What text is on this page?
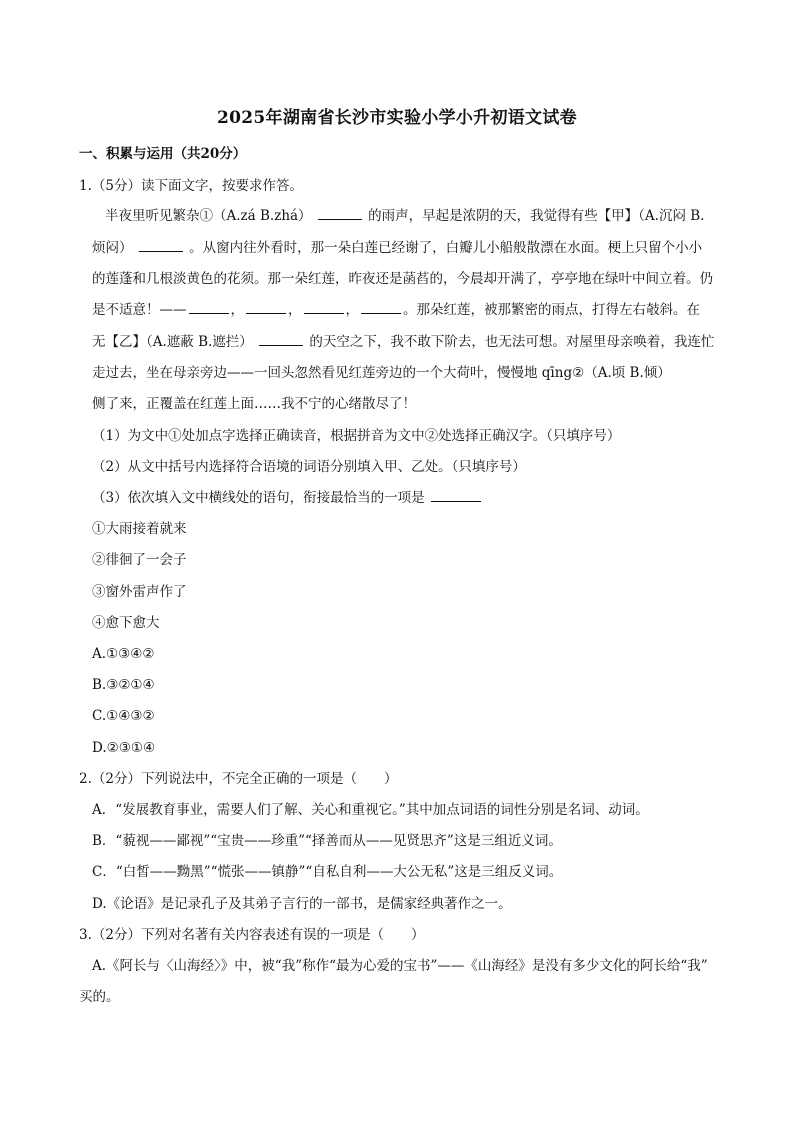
2025年湖南省长沙市实验小学小升初语文试卷
一、积累与运用（共20分）
1.（5分）读下面文字，按要求作答。
半夜里听见繁杂①（A.zá B.zhá）	的雨声，早起是浓阴的天，我觉得有些【甲】（A.沉闷 B.
烦闷）	。从窗内往外看时，那一朵白莲已经谢了，白瓣儿小船般散漂在水面。梗上只留个小小
的莲蓬和几根淡黄色的花须。那一朵红莲，昨夜还是菡萏的，今晨却开满了，亭亭地在绿叶中间立着。仍
是不适意！——	，	，	，	。那朵红莲，被那繁密的雨点，打得左右攲斜。在
无【乙】（A.遮蔽 B.遮拦）	的天空之下，我不敢下阶去，也无法可想。对屋里母亲唤着，我连忙
走过去，坐在母亲旁边——一回头忽然看见红莲旁边的一个大荷叶，慢慢地 qīng②（A.顷 B.倾）
侧了来，正覆盖在红莲上面……我不宁的心绪散尽了！
（1）为文中①处加点字选择正确读音，根据拼音为文中②处选择正确汉字。（只填序号）
（2）从文中括号内选择符合语境的词语分别填入甲、乙处。（只填序号）
（3）依次填入文中横线处的语句，衔接最恰当的一项是
①大雨接着就来
②徘徊了一会子
③窗外雷声作了
④愈下愈大
A.①③④②
B.③②①④
C.①④③②
D.②③①④
2.（2分）下列说法中，不完全正确的一项是（　　）
A．“发展教育事业，需要人们了解、关心和重视它。”其中加点词语的词性分别是名词、动词。
B．“藐视——鄙视”“宝贵——珍重”“择善而从——见贤思齐”这是三组近义词。
C．“白皙——黝黑”“慌张——镇静”“自私自利——大公无私”这是三组反义词。
D.《论语》是记录孔子及其弟子言行的一部书，是儒家经典著作之一。
3.（2分）下列对名著有关内容表述有误的一项是（　　）
A.《阿长与〈山海经〉》中，被“我”称作“最为心爱的宝书”——《山海经》是没有多少文化的阿长给“我”
买的。
